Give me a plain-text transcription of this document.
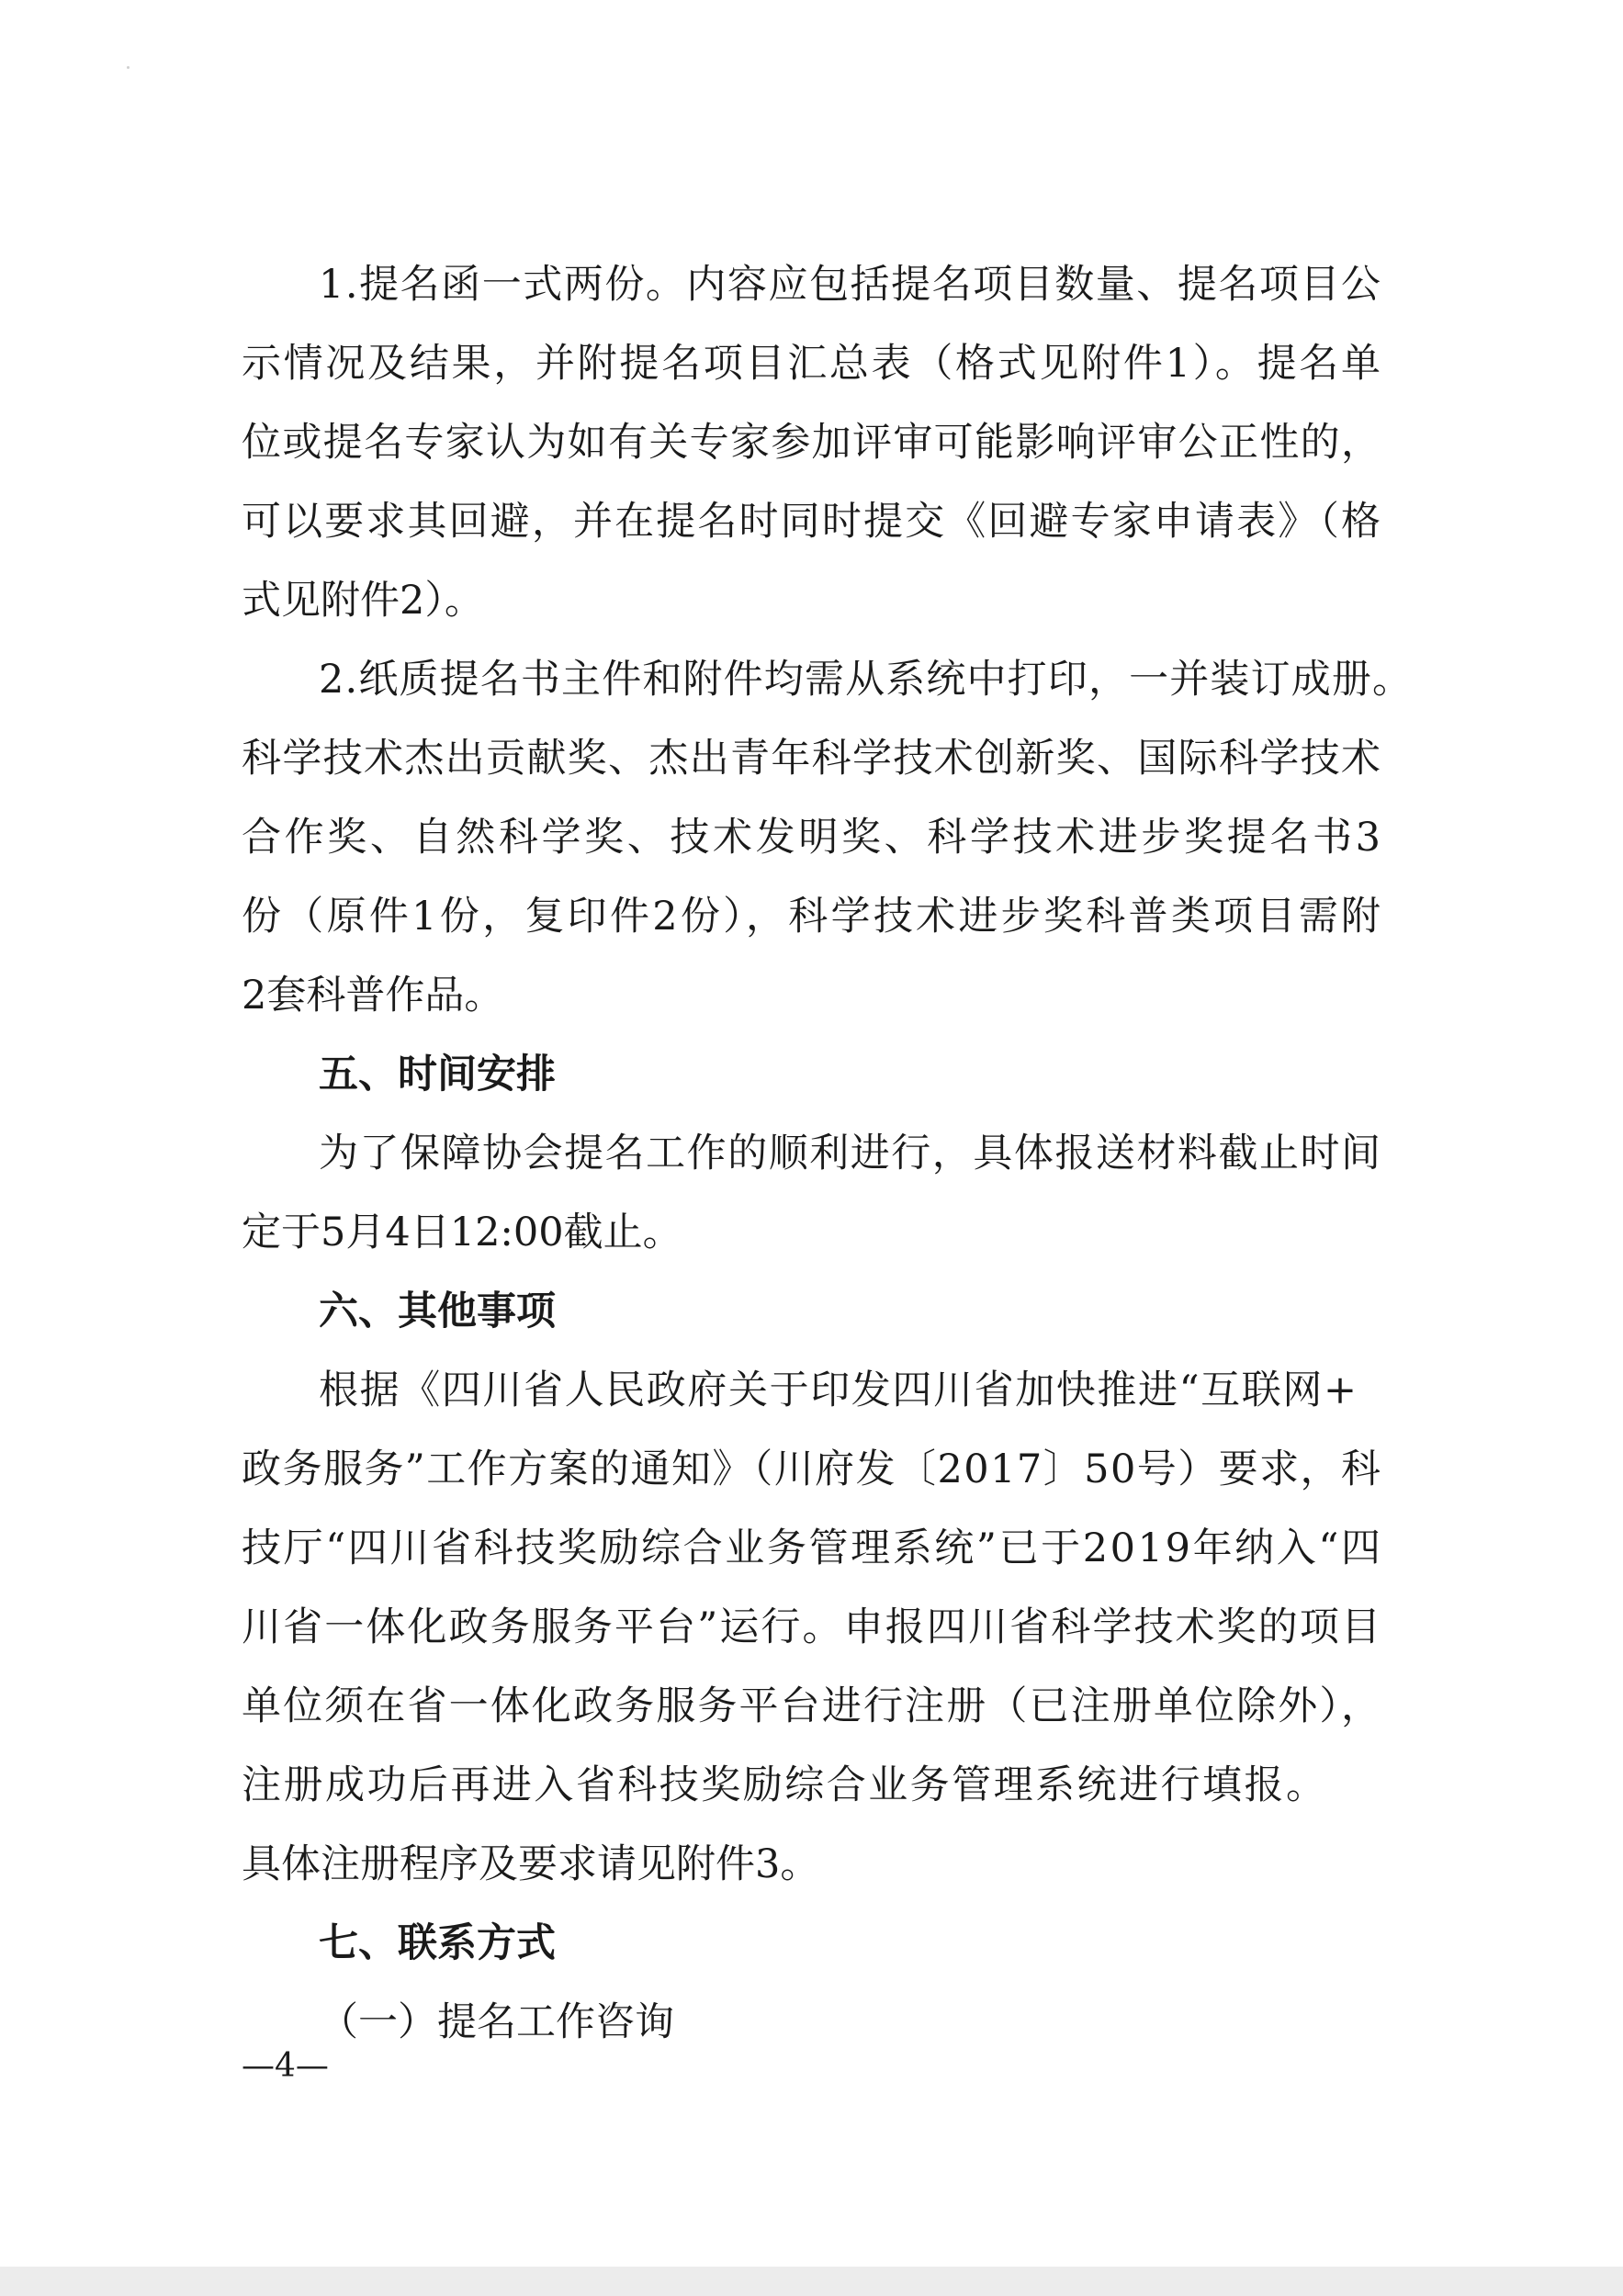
1.提名函一式两份。内容应包括提名项目数量、提名项目公
示情况及结果，并附提名项目汇总表（格式见附件1）。提名单
位或提名专家认为如有关专家参加评审可能影响评审公正性的，
可以要求其回避，并在提名时同时提交《回避专家申请表》（格
式见附件2）。
2.纸质提名书主件和附件均需从系统中打印，一并装订成册。
科学技术杰出贡献奖、杰出青年科学技术创新奖、国际科学技术
合作奖、自然科学奖、技术发明奖、科学技术进步奖提名书3
份（原件1份，复印件2份），科学技术进步奖科普类项目需附
2套科普作品。
五、时间安排
为了保障协会提名工作的顺利进行，具体报送材料截止时间
定于5月4日12:00截止。
六、其他事项
根据《四川省人民政府关于印发四川省加快推进“互联网+
政务服务”工作方案的通知》（川府发〔2017〕50号）要求，科
技厅“四川省科技奖励综合业务管理系统”已于2019年纳入“四
川省一体化政务服务平台”运行。申报四川省科学技术奖的项目
单位须在省一体化政务服务平台进行注册（已注册单位除外），
注册成功后再进入省科技奖励综合业务管理系统进行填报。
具体注册程序及要求请见附件3。
七、联系方式
（一）提名工作咨询
—4—
